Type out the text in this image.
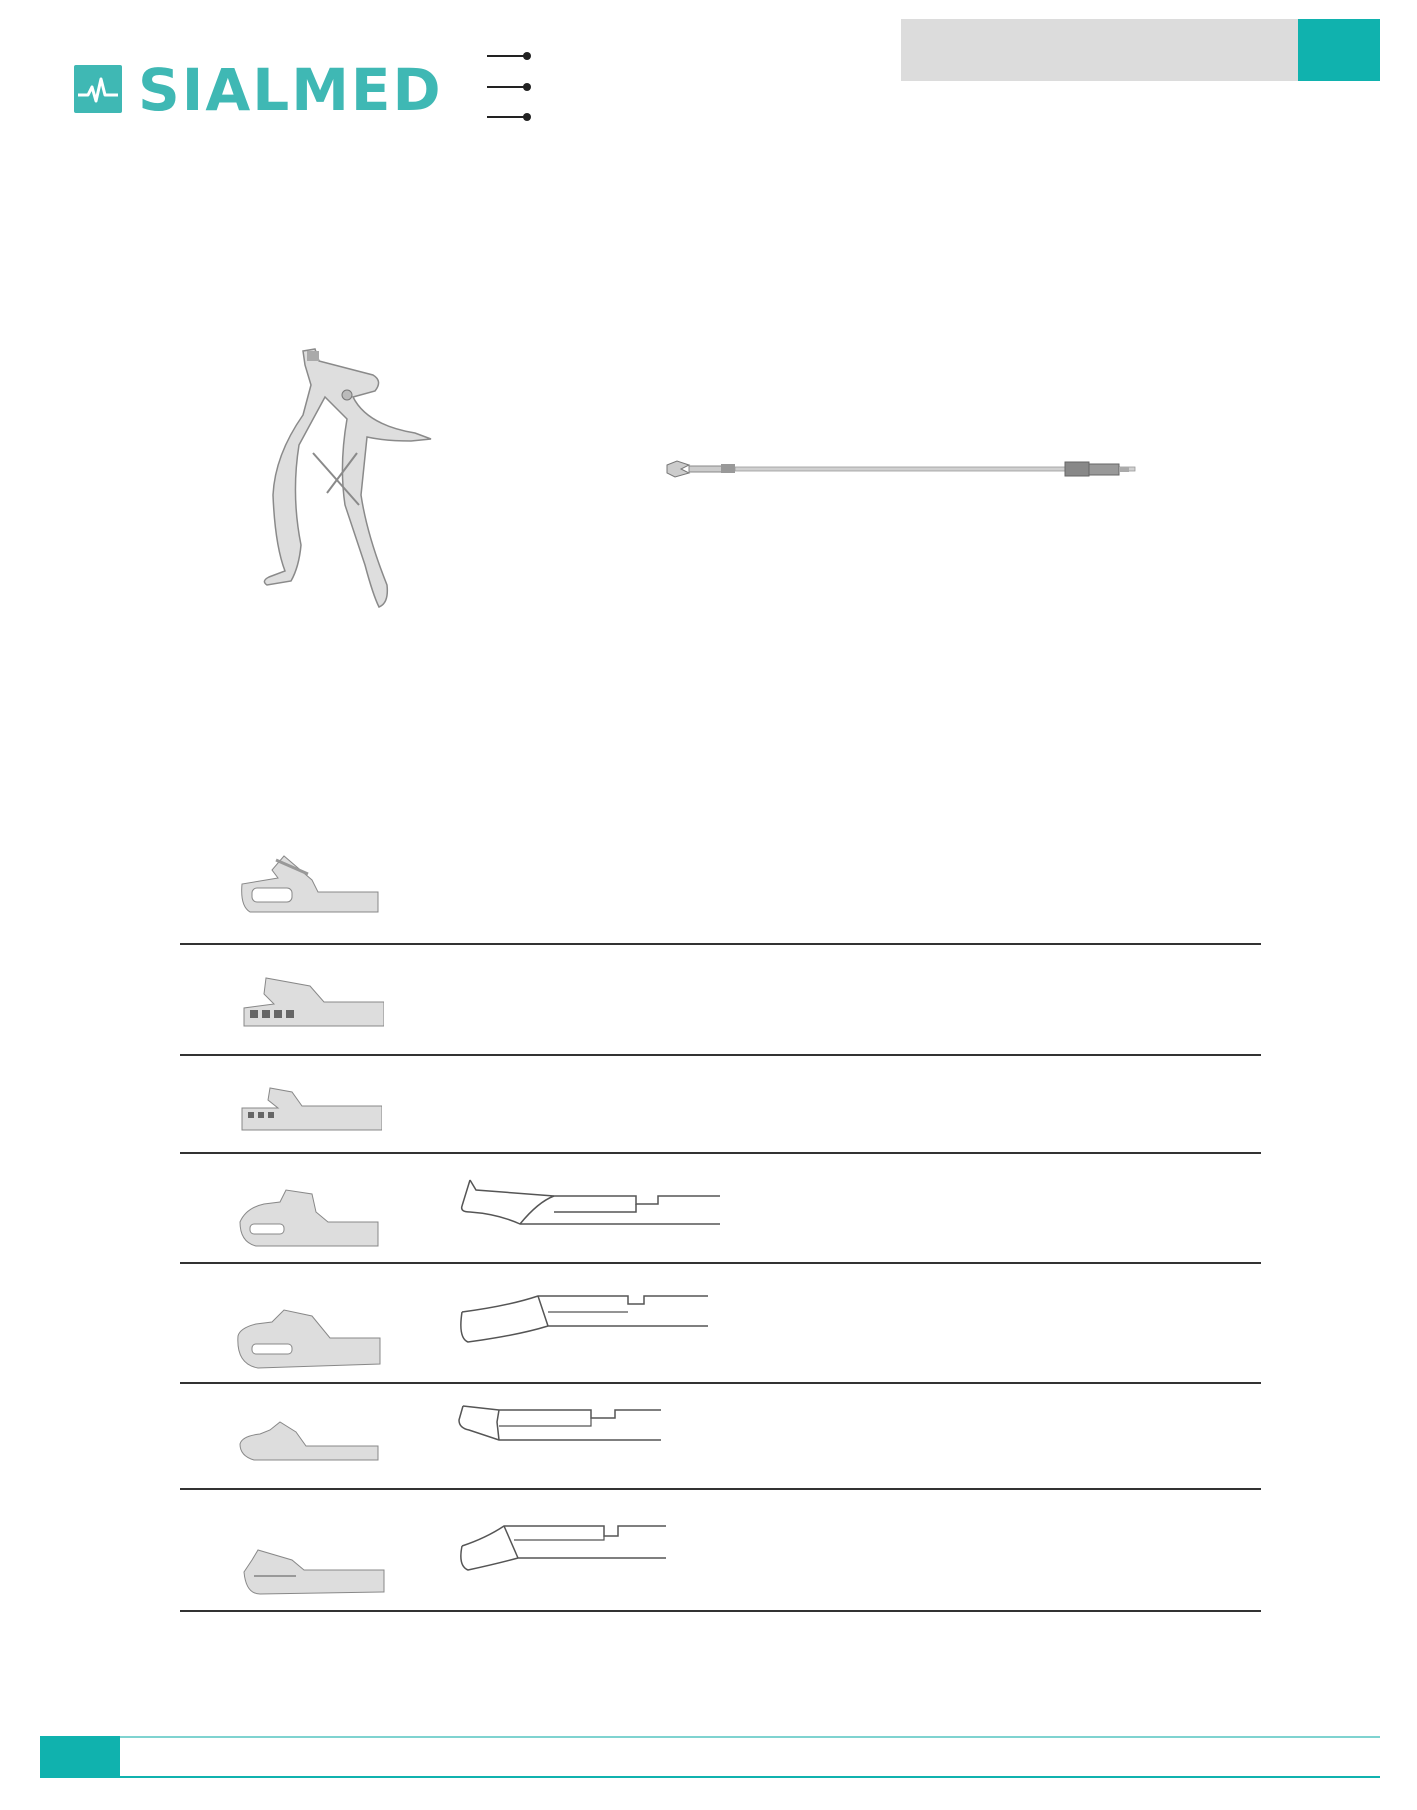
SIALMED
